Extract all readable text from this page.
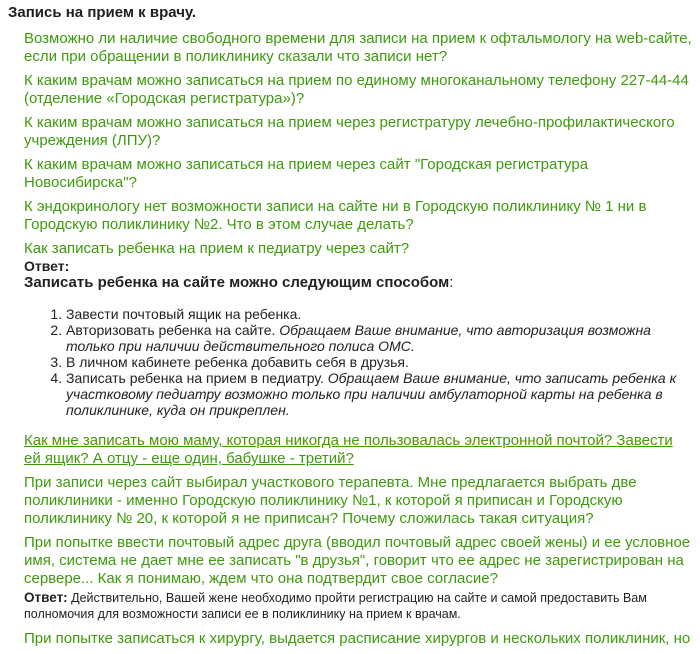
Запись на прием к врачу.
Возможно ли наличие свободного времени для записи на прием к офтальмологу на web-сайте, если при обращении в поликлинику сказали что записи нет?
К каким врачам можно записаться на прием по единому многоканальному телефону 227-44-44 (отделение «Городская регистратура»)?
К каким врачам можно записаться на прием через регистратуру лечебно-профилактического учреждения (ЛПУ)?
К каким врачам можно записаться на прием через сайт "Городская регистратура Новосибирска"?
К эндокринологу нет возможности записи на сайте ни в Городскую поликлинику № 1 ни в Городскую поликлинику №2. Что в этом случае делать?
Как записать ребенка на прием к педиатру через сайт?
Ответ:
Записать ребенка на сайте можно следующим способом:
1. Завести почтовый ящик на ребенка.
2. Авторизовать ребенка на сайте. Обращаем Ваше внимание, что авторизация возможна только при наличии действительного полиса ОМС.
3. В личном кабинете ребенка добавить себя в друзья.
4. Записать ребенка на прием в педиатру. Обращаем Ваше внимание, что записать ребенка к участковому педиатру возможно только при наличии амбулаторной карты на ребенка в поликлинике, куда он прикреплен.
Как мне записать мою маму, которая никогда не пользовалась электронной почтой? Завести ей ящик? А отцу - еще один, бабушке - третий?
При записи через сайт выбирал участкового терапевта. Мне предлагается выбрать две поликлиники - именно Городскую поликлинику №1, к которой я приписан и Городскую поликлинику № 20, к которой я не приписан? Почему сложилась такая ситуация?
При попытке ввести почтовый адрес друга (вводил почтовый адрес своей жены) и ее условное имя, система не дает мне ее записать "в друзья", говорит что ее адрес не зарегистрирован на сервере... Как я понимаю, ждем что она подтвердит свое согласие?
Ответ: Действительно, Вашей жене необходимо пройти регистрацию на сайте и самой предоставить Вам полномочия для возможности записи ее в поликлинику на прием к врачам.
При попытке записаться к хирургу, выдается расписание хирургов и нескольких поликлиник, но
